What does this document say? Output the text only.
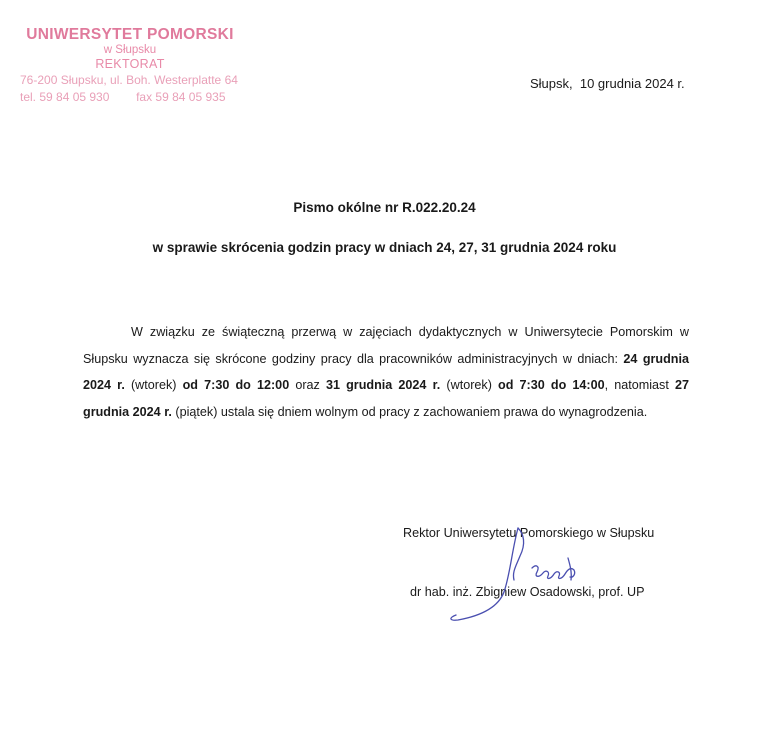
UNIWERSYTET POMORSKI
w Słupsku
REKTORAT
76-200 Słupsku, ul. Boh. Westerplatte 64
tel. 59 84 05 930 fax 59 84 05 935
Słupsk,  10 grudnia 2024 r.
Pismo okólne nr R.022.20.24
w sprawie skrócenia godzin pracy w dniach 24, 27, 31 grudnia 2024 roku
W związku ze świąteczną przerwą w zajęciach dydaktycznych w Uniwersytecie Pomorskim w Słupsku wyznacza się skrócone godziny pracy dla pracowników administracyjnych w dniach: 24 grudnia 2024 r. (wtorek) od 7:30 do 12:00 oraz 31 grudnia 2024 r. (wtorek) od 7:30 do 14:00, natomiast 27 grudnia 2024 r. (piątek) ustala się dniem wolnym od pracy z zachowaniem prawa do wynagrodzenia.
Rektor Uniwersytetu Pomorskiego w Słupsku
dr hab. inż. Zbigniew Osadowski, prof. UP
